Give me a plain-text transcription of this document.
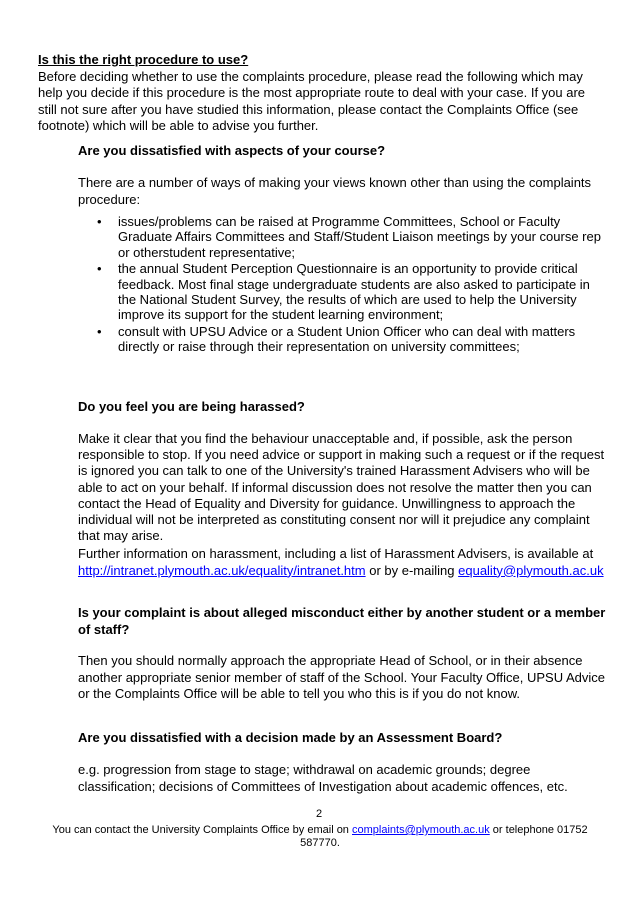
Is this the right procedure to use?
Before deciding whether to use the complaints procedure, please read the following which may help you decide if this procedure is the most appropriate route to deal with your case. If you are still not sure after you have studied this information, please contact the Complaints Office (see footnote) which will be able to advise you further.
Are you dissatisfied with aspects of your course?
There are a number of ways of making your views known other than using the complaints procedure:
• issues/problems can be raised at Programme Committees, School or Faculty Graduate Affairs Committees and Staff/Student Liaison meetings by your course rep or otherstudent representative;
• the annual Student Perception Questionnaire is an opportunity to provide critical feedback. Most final stage undergraduate students are also asked to participate in the National Student Survey, the results of which are used to help the University improve its support for the student learning environment;
• consult with UPSU Advice or a Student Union Officer who can deal with matters directly or raise through their representation on university committees;
Do you feel you are being harassed?
Make it clear that you find the behaviour unacceptable and, if possible, ask the person responsible to stop. If you need advice or support in making such a request or if the request is ignored you can talk to one of the University's trained Harassment Advisers who will be able to act on your behalf. If informal discussion does not resolve the matter then you can contact the Head of Equality and Diversity for guidance. Unwillingness to approach the individual will not be interpreted as constituting consent nor will it prejudice any complaint that may arise.
Further information on harassment, including a list of Harassment Advisers, is available at http://intranet.plymouth.ac.uk/equality/intranet.htm or by e-mailing equality@plymouth.ac.uk
Is your complaint is about alleged misconduct either by another student or a member of staff?
Then you should normally approach the appropriate Head of School, or in their absence another appropriate senior member of staff of the School. Your Faculty Office, UPSU Advice or the Complaints Office will be able to tell you who this is if you do not know.
Are you dissatisfied with a decision made by an Assessment Board?
e.g. progression from stage to stage; withdrawal on academic grounds; degree classification; decisions of Committees of Investigation about academic offences, etc.
2
You can contact the University Complaints Office by email on complaints@plymouth.ac.uk or telephone 01752 587770.
